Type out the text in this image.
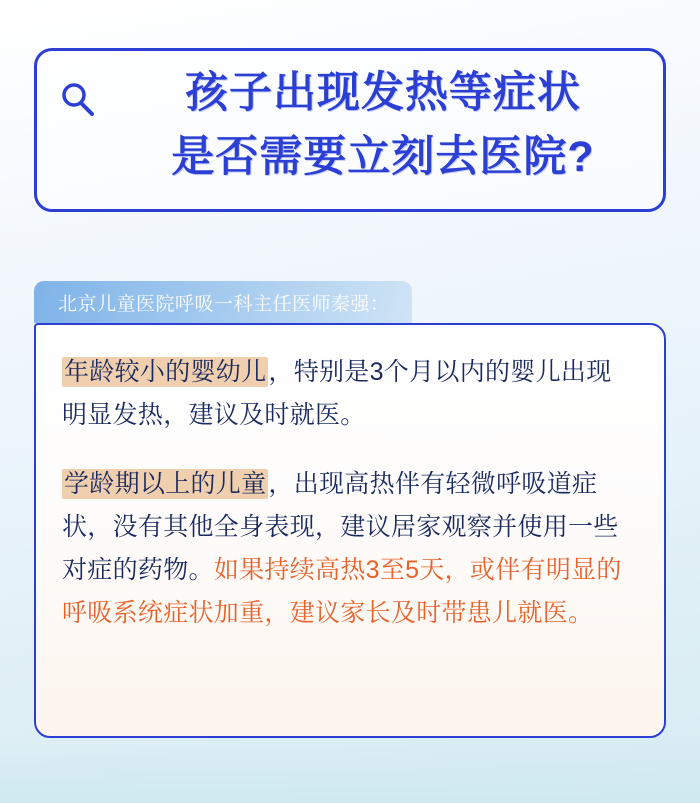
孩子出现发热等症状
是否需要立刻去医院?
北京儿童医院呼吸一科主任医师秦强：

年龄较小的婴幼儿，特别是3个月以内的婴儿出现明显发热，建议及时就医。

学龄期以上的儿童，出现高热伴有轻微呼吸道症状，没有其他全身表现，建议居家观察并使用一些对症的药物。如果持续高热3至5天，或伴有明显的呼吸系统症状加重，建议家长及时带患儿就医。
